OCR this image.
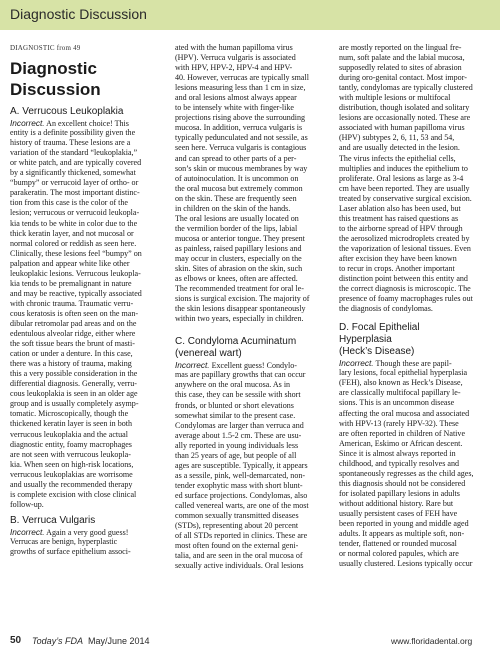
Diagnostic Discussion
DIAGNOSTIC from 49
Diagnostic
Discussion
A. Verrucous Leukoplakia
Incorrect. An excellent choice! This
entity is a definite possibility given the
history of trauma. These lesions are a
variation of the standard “leukoplakia,”
or white patch, and are typically covered
by a significantly thickened, somewhat
“bumpy” or verrucoid layer of ortho- or
parakeratin. The most important distinc-
tion from this case is the color of the
lesion; verrucous or verrucoid leukopla-
kia tends to be white in color due to the
thick keratin layer, and not mucosal or
normal colored or reddish as seen here.
Clinically, these lesions feel “bumpy” on
palpation and appear white like other
leukoplakic lesions. Verrucous leukopla-
kia tends to be premalignant in nature
and may be reactive, typically associated
with chronic trauma. Traumatic verru-
cous keratosis is often seen on the man-
dibular retromolar pad areas and on the
edentulous alveolar ridge, either where
the soft tissue bears the brunt of masti-
cation or under a denture. In this case,
there was a history of trauma, making
this a very possible consideration in the
differential diagnosis. Generally, verru-
cous leukoplakia is seen in an older age
group and is usually completely asymp-
tomatic. Microscopically, though the
thickened keratin layer is seen in both
verrucous leukoplakia and the actual
diagnostic entity, foamy macrophages
are not seen with verrucous leukopla-
kia. When seen on high-risk locations,
verrucous leukoplakias are worrisome
and usually the recommended therapy
is complete excision with close clinical
follow-up.
B. Verruca Vulgaris
Incorrect. Again a very good guess!
Verrucas are benign, hyperplastic
growths of surface epithelium associ-
ated with the human papilloma virus
(HPV). Verruca vulgaris is associated
with HPV, HPV-2, HPV-4 and HPV-
40. However, verrucas are typically small
lesions measuring less than 1 cm in size,
and oral lesions almost always appear
to be intensely white with finger-like
projections rising above the surrounding
mucosa. In addition, verruca vulgaris is
typically pedunculated and not sessile, as
seen here. Verruca vulgaris is contagious
and can spread to other parts of a per-
son’s skin or mucous membranes by way
of autoinoculation. It is uncommon on
the oral mucosa but extremely common
on the skin. These are frequently seen
in children on the skin of the hands.
The oral lesions are usually located on
the vermilion border of the lips, labial
mucosa or anterior tongue. They present
as painless, raised papillary lesions and
may occur in clusters, especially on the
skin. Sites of abrasion on the skin, such
as elbows or knees, often are affected.
The recommended treatment for oral le-
sions is surgical excision. The majority of
the skin lesions disappear spontaneously
within two years, especially in children.
C. Condyloma Acuminatum
(venereal wart)
Incorrect. Excellent guess! Condylo-
mas are papillary growths that can occur
anywhere on the oral mucosa. As in
this case, they can be sessile with short
fronds, or blunted or short elevations
somewhat similar to the present case.
Condylomas are larger than verruca and
average about 1.5-2 cm. These are usu-
ally reported in young individuals less
than 25 years of age, but people of all
ages are susceptible. Typically, it appears
as a sessile, pink, well-demarcated, non-
tender exophytic mass with short blunt-
ed surface projections. Condylomas, also
called venereal warts, are one of the most
common sexually transmitted diseases
(STDs), representing about 20 percent
of all STDs reported in clinics. These are
most often found on the external geni-
talia, and are seen in the oral mucosa of
sexually active individuals. Oral lesions
are mostly reported on the lingual fre-
num, soft palate and the labial mucosa,
supposedly related to sites of abrasion
during oro-genital contact. Most impor-
tantly, condylomas are typically clustered
with multiple lesions or multifocal
distribution, though isolated and solitary
lesions are occasionally noted. These are
associated with human papilloma virus
(HPV) subtypes 2, 6, 11, 53 and 54,
and are usually detected in the lesion.
The virus infects the epithelial cells,
multiplies and induces the epithelium to
proliferate. Oral lesions as large as 3-4
cm have been reported. They are usually
treated by conservative surgical excision.
Laser ablation also has been used, but
this treatment has raised questions as
to the airborne spread of HPV through
the aerosolized microdroplets created by
the vaporization of lesional tissues. Even
after excision they have been known
to recur in crops. Another important
distinction point between this entity and
the correct diagnosis is microscopic. The
presence of foamy macrophages rules out
the diagnosis of condylomas.
D. Focal Epithelial
Hyperplasia
(Heck’s Disease)
Incorrect. Though these are papil-
lary lesions, focal epithelial hyperplasia
(FEH), also known as Heck’s Disease,
are classically multifocal papillary le-
sions. This is an uncommon disease
affecting the oral mucosa and associated
with HPV-13 (rarely HPV-32). These
are often reported in children of Native
American, Eskimo or African descent.
Since it is almost always reported in
childhood, and typically resolves and
spontaneously regresses as the child ages,
this diagnosis should not be considered
for isolated papillary lesions in adults
without additional history. Rare but
usually persistent cases of FEH have
been reported in young and middle aged
adults. It appears as multiple soft, non-
tender, flattened or rounded mucosal
or normal colored papules, which are
usually clustered. Lesions typically occur
50 Today’s FDA May/June 2014	www.floridadental.org
